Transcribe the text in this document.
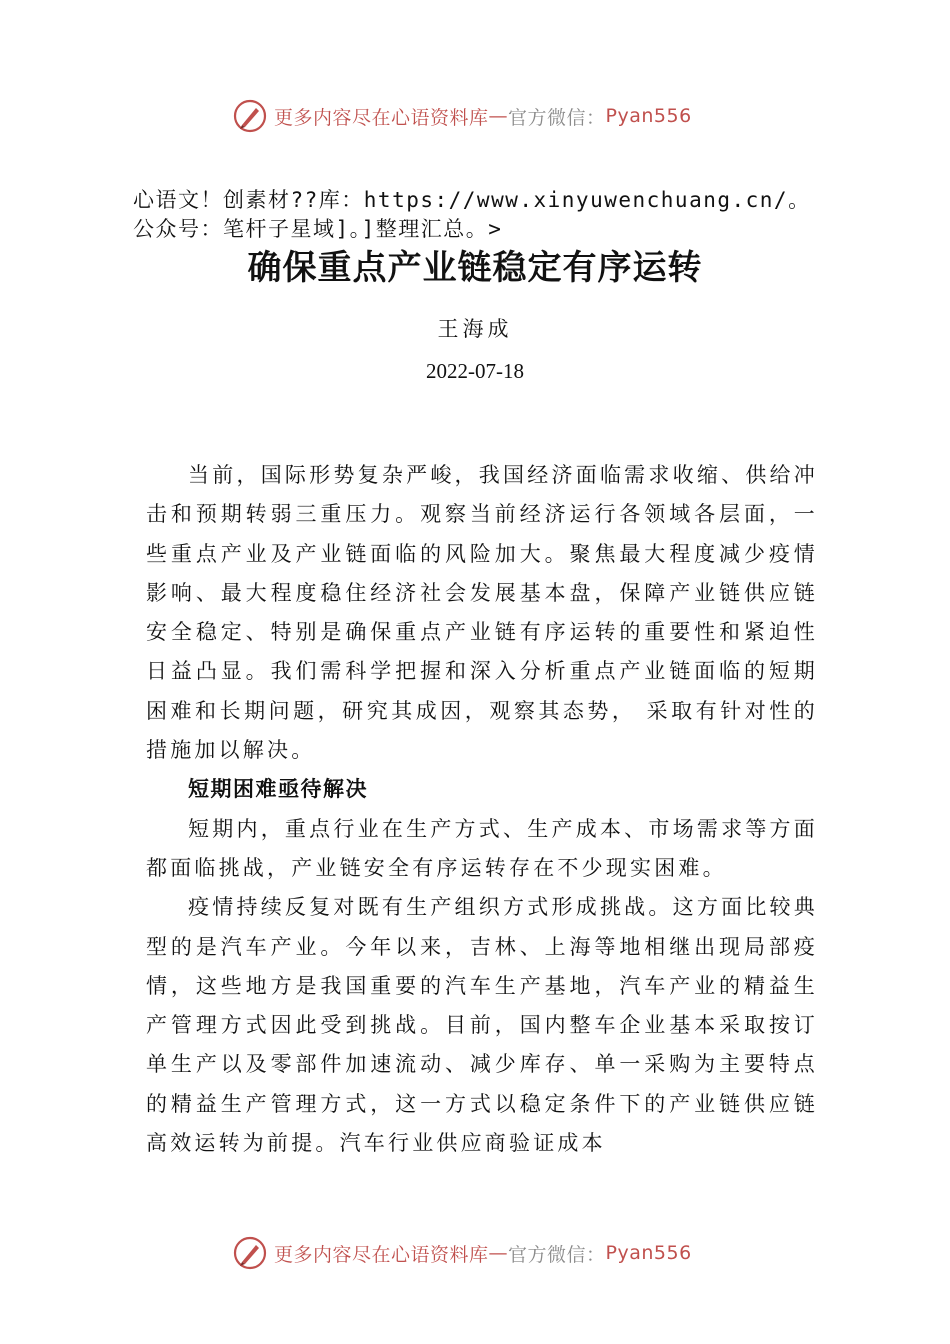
更多内容尽在心语资料库 — 官方微信： Pyan556
心语文！创素材??库：https://www.xinyuwenchuang.cn/。公众号：笔杆子星域]。]整理汇总。>
确保重点产业链稳定有序运转
王海成
2022-07-18

当前，国际形势复杂严峻，我国经济面临需求收缩、供给冲击和预期转弱三重压力。观察当前经济运行各领域各层面，一些重点产业及产业链面临的风险加大。聚焦最大程度减少疫情影响、最大程度稳住经济社会发展基本盘，保障产业链供应链安全稳定、特别是确保重点产业链有序运转的重要性和紧迫性日益凸显。我们需科学把握和深入分析重点产业链面临的短期困难和长期问题，研究其成因，观察其态势， 采取有针对性的措施加以解决。

短期困难亟待解决

短期内，重点行业在生产方式、生产成本、市场需求等方面都面临挑战，产业链安全有序运转存在不少现实困难。

疫情持续反复对既有生产组织方式形成挑战。这方面比较典型的是汽车产业。今年以来，吉林、上海等地相继出现局部疫情，这些地方是我国重要的汽车生产基地，汽车产业的精益生产管理方式因此受到挑战。目前，国内整车企业基本采取按订单生产以及零部件加速流动、减少库存、单一采购为主要特点的精益生产管理方式，这一方式以稳定条件下的产业链供应链高效运转为前提。汽车行业供应商验证成本

更多内容尽在心语资料库 — 官方微信： Pyan556
